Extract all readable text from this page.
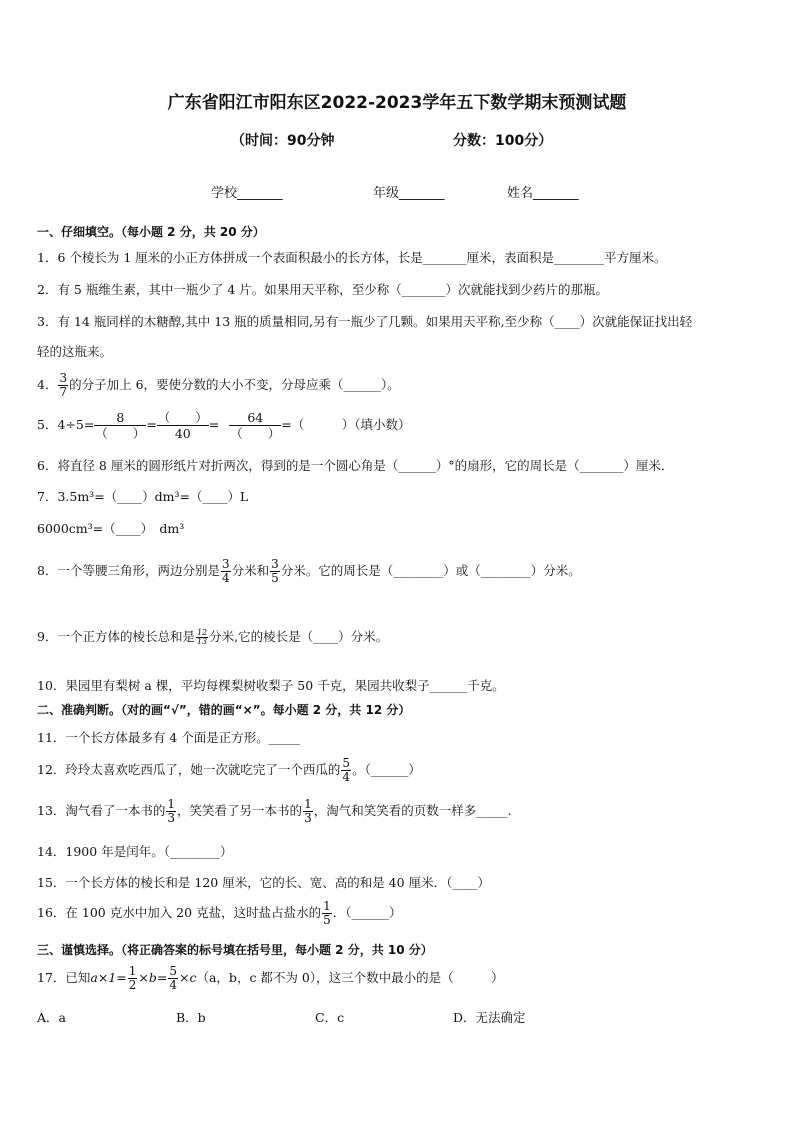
广东省阳江市阳东区2022-2023学年五下数学期末预测试题
（时间：90分钟	分数：100分）
学校_______	年级_______	姓名_______
一、仔细填空。（每小题 2 分，共 20 分）
1．6 个棱长为 1 厘米的小正方体拼成一个表面积最小的长方体，长是_______厘米，表面积是________平方厘米。
2．有 5 瓶维生素，其中一瓶少了 4 片。如果用天平称，至少称（_______）次就能找到少药片的那瓶。
3．有 14 瓶同样的木糖醇,其中 13 瓶的质量相同,另有一瓶少了几颗。如果用天平称,至少称（____）次就能保证找出轻
轻的这瓶来。
4． $\frac{3}{7}$ 的分子加上 6，要使分数的大小不变，分母应乘（______）。
5．4÷5=	8
（　　）
= （　　）
40
=	64
（　　）
=（　　　）（填小数）
6．将直径 8 厘米的圆形纸片对折两次，得到的是一个圆心角是（______）°的扇形，它的周长是（_______）厘米．
7．3.5m³=（____）dm³=（____）L
6000cm³=（____）　dm³
8．一个等腰三角形，两边分别是 $\frac{3}{4}$ 分米和 $\frac{3}{5}$ 分米。它的周长是（________）或（________）分米。
9．一个正方体的棱长总和是 $\frac{12}{13}$ 分米,它的棱长是（____）分米。
10．果园里有梨树 a 棵，平均每棵梨树收梨子 50 千克，果园共收梨子______千克。
二、准确判断。（对的画“√”，错的画“×”。每小题 2 分，共 12 分）
11．一个长方体最多有 4 个面是正方形。_____
12．玲玲太喜欢吃西瓜了，她一次就吃完了一个西瓜的 $\frac{5}{4}$ 。（______）
13．淘气看了一本书的 $\frac{1}{3}$ ，笑笑看了另一本书的 $\frac{1}{3}$ ，淘气和笑笑看的页数一样多_____.
14．1900 年是闰年。（________）
15．一个长方体的棱长和是 120 厘米，它的长、宽、高的和是 40 厘米．（____）
16．在 100 克水中加入 20 克盐，这时盐占盐水的 $\frac{1}{5}$ ．（______）
三、谨慎选择。（将正确答案的标号填在括号里，每小题 2 分，共 10 分）
17．已知$a\times 1= \frac{1}{2} \times b= \frac{5}{4} \times c(a$，b，c 都不为 0），这三个数中最小的是（　　　）
A．a	B．b	C．c	D．无法确定
